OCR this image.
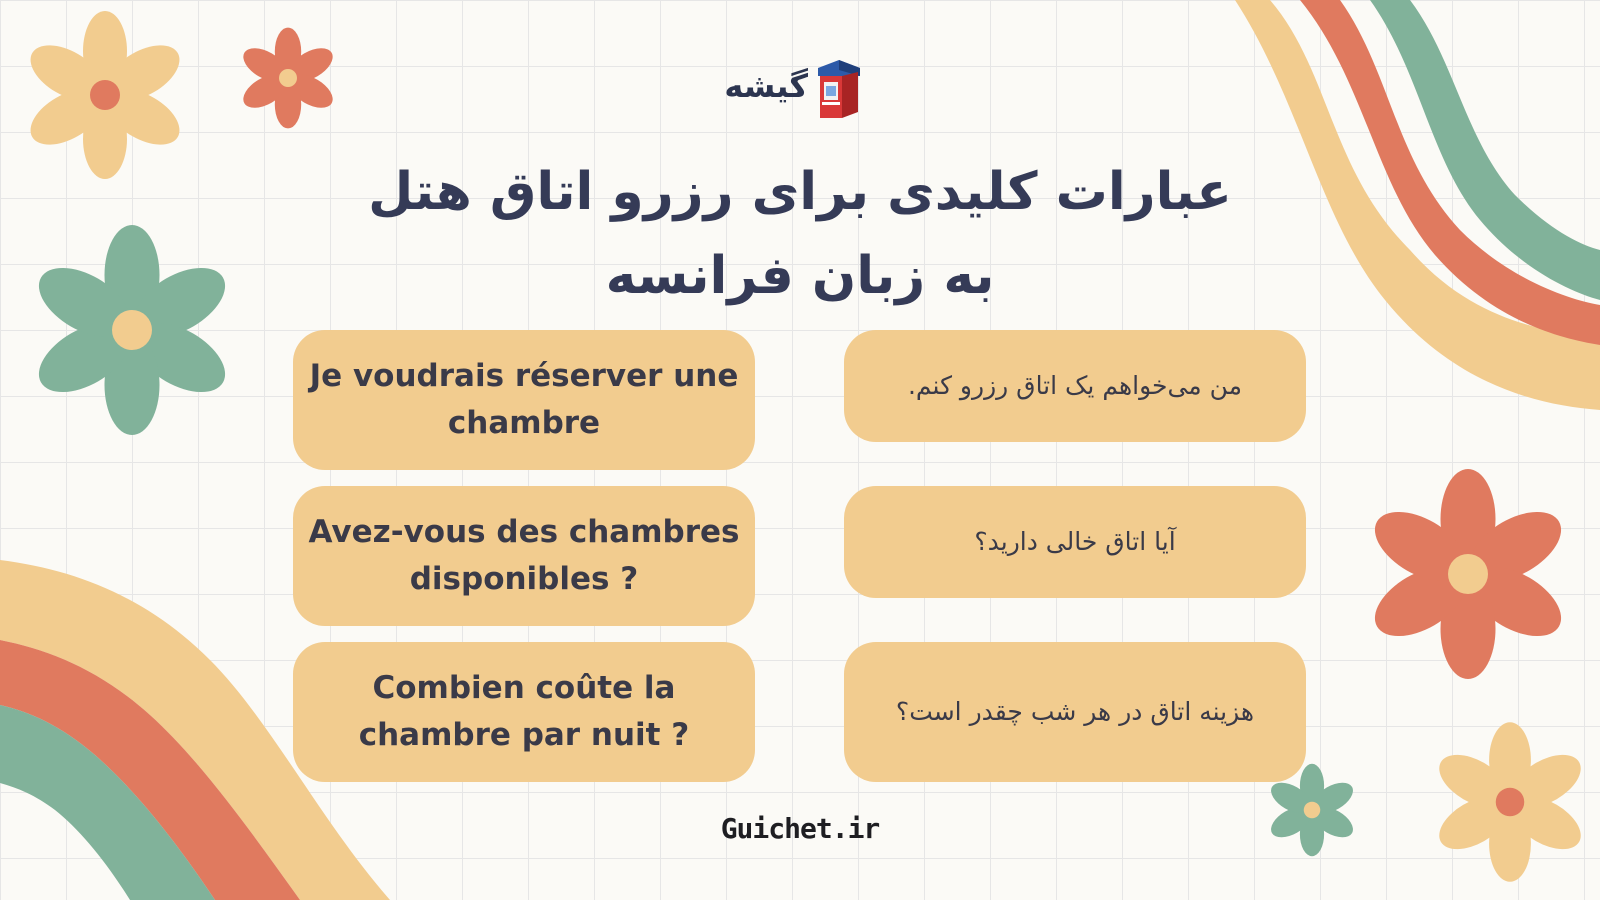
گیشه
عبارات کلیدی برای رزرو اتاق هتل
به زبان فرانسه
Je voudrais réserver une chambre
Avez-vous des chambres disponibles ?
Combien coûte la chambre par nuit ?
من می‌خواهم یک اتاق رزرو کنم.
آیا اتاق خالی دارید؟
هزینه اتاق در هر شب چقدر است؟
Guichet.ir
